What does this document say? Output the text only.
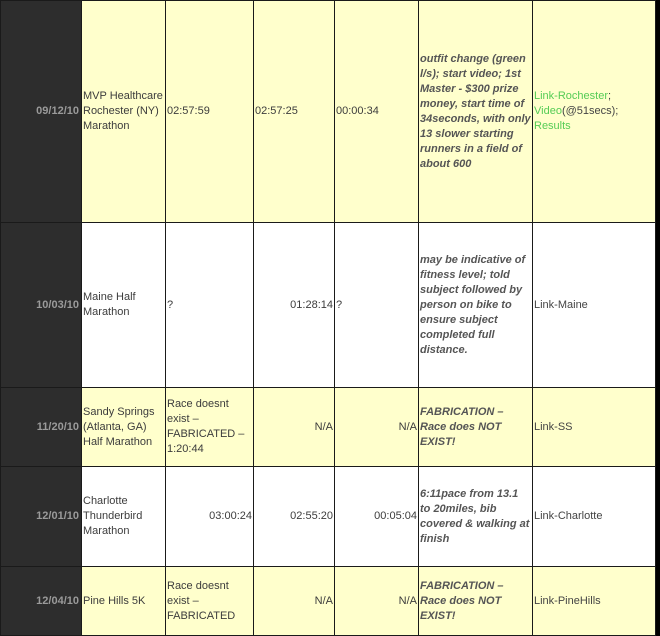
09/12/10	MVP Healthcare Rochester (NY) Marathon	02:57:59	02:57:25	00:00:34	outfit change (green l/s); start video; 1st Master - $300 prize money, start time of 34seconds, with only 13 slower starting runners in a field of about 600	Link-Rochester; Video(@51secs); Results
10/03/10	Maine Half Marathon	?	01:28:14	?	may be indicative of fitness level; told subject followed by person on bike to ensure subject completed full distance.	Link-Maine
11/20/10	Sandy Springs (Atlanta, GA) Half Marathon	Race doesnt exist – FABRICATED – 1:20:44	N/A	N/A	FABRICATION – Race does NOT EXIST!	Link-SS
12/01/10	Charlotte Thunderbird Marathon	03:00:24	02:55:20	00:05:04	6:11pace from 13.1 to 20miles, bib covered & walking at finish	Link-Charlotte
12/04/10	Pine Hills 5K	Race doesnt exist – FABRICATED	N/A	N/A	FABRICATION – Race does NOT EXIST!	Link-PineHills
